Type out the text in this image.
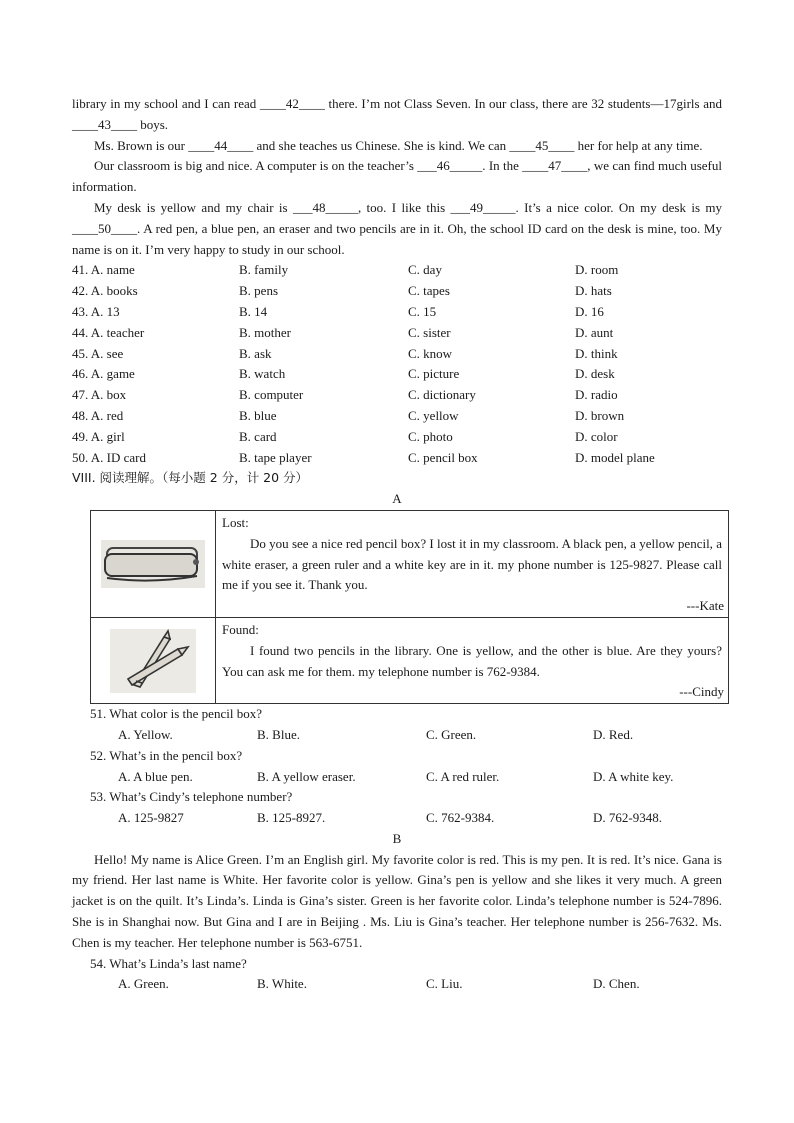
library in my school and I can read ____42____ there. I’m not Class Seven. In our class, there are 32 students—17girls and ____43____ boys.

Ms. Brown is our ____44____ and she teaches us Chinese. She is kind. We can ____45____ her for help at any time.

Our classroom is big and nice. A computer is on the teacher’s ___46_____. In the ____47____, we can find much useful information.

My desk is yellow and my chair is ___48_____, too. I like this ___49_____. It’s a nice color. On my desk is my ____50____. A red pen, a blue pen, an eraser and two pencils are in it. Oh, the school ID card on the desk is mine, too. My name is on it. I’m very happy to study in our school.

41. A. name	B. family	C. day	D. room
42. A. books	B. pens	C. tapes	D. hats
43. A. 13	B. 14	C. 15	D. 16
44. A. teacher	B. mother	C. sister	D. aunt
45. A. see	B. ask	C. know	D. think
46. A. game	B. watch	C. picture	D. desk
47. A. box	B. computer	C. dictionary	D. radio
48. A. red	B. blue	C. yellow	D. brown
49. A. girl	B. card	C. photo	D. color
50. A. ID card	B. tape player	C. pencil box	D. model plane
VIII. 阅读理解。（每小题 2 分，计 20 分）
A

Lost:

Do you see a nice red pencil box? I lost it in my classroom. A black pen, a yellow pencil, a white eraser, a green ruler and a white key are in it. my phone number is 125-9827. Please call me if you see it. Thank you.

---Kate

Found:

I found two pencils in the library. One is yellow, and the other is blue. Are they yours? You can ask me for them. my telephone number is 762-9384.

---Cindy
51. What color is the pencil box?
A. Yellow.	B. Blue.	C. Green.	D. Red.
52. What’s in the pencil box?
A. A blue pen.	B. A yellow eraser.	C. A red ruler.	D. A white key.
53. What’s Cindy’s telephone number?
A. 125-9827	B. 125-8927.	C. 762-9384.	D. 762-9348.
B

Hello! My name is Alice Green. I’m an English girl. My favorite color is red. This is my pen. It is red. It’s nice. Gana is my friend. Her last name is White. Her favorite color is yellow. Gina’s pen is yellow and she likes it very much. A green jacket is on the quilt. It’s Linda’s. Linda is Gina’s sister. Green is her favorite color. Linda’s telephone number is 524-7896. She is in Shanghai now. But Gina and I are in Beijing . Ms. Liu is Gina’s teacher. Her telephone number is 256-7632. Ms. Chen is my teacher. Her telephone number is 563-6751.

54. What’s Linda’s last name?
A. Green.	B. White.	C. Liu.	D. Chen.
